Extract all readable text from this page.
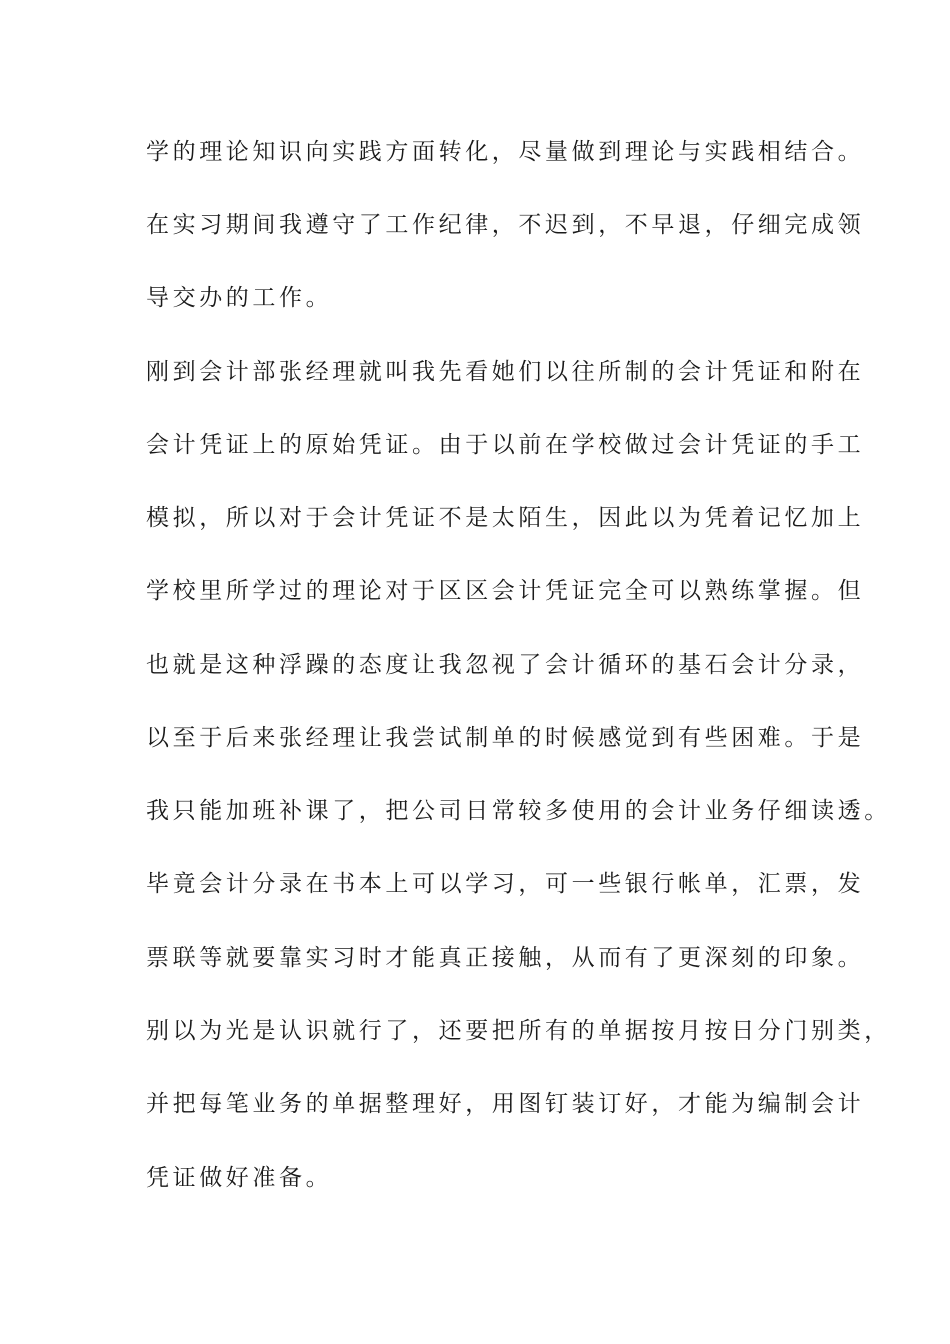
学的理论知识向实践方面转化，尽量做到理论与实践相结合。
在实习期间我遵守了工作纪律，不迟到，不早退，仔细完成领
导交办的工作。
刚到会计部张经理就叫我先看她们以往所制的会计凭证和附在
会计凭证上的原始凭证。由于以前在学校做过会计凭证的手工
模拟，所以对于会计凭证不是太陌生，因此以为凭着记忆加上
学校里所学过的理论对于区区会计凭证完全可以熟练掌握。但
也就是这种浮躁的态度让我忽视了会计循环的基石会计分录，
以至于后来张经理让我尝试制单的时候感觉到有些困难。于是
我只能加班补课了，把公司日常较多使用的会计业务仔细读透。
毕竟会计分录在书本上可以学习，可一些银行帐单，汇票，发
票联等就要靠实习时才能真正接触，从而有了更深刻的印象。
别以为光是认识就行了，还要把所有的单据按月按日分门别类，
并把每笔业务的单据整理好，用图钉装订好，才能为编制会计
凭证做好准备。
